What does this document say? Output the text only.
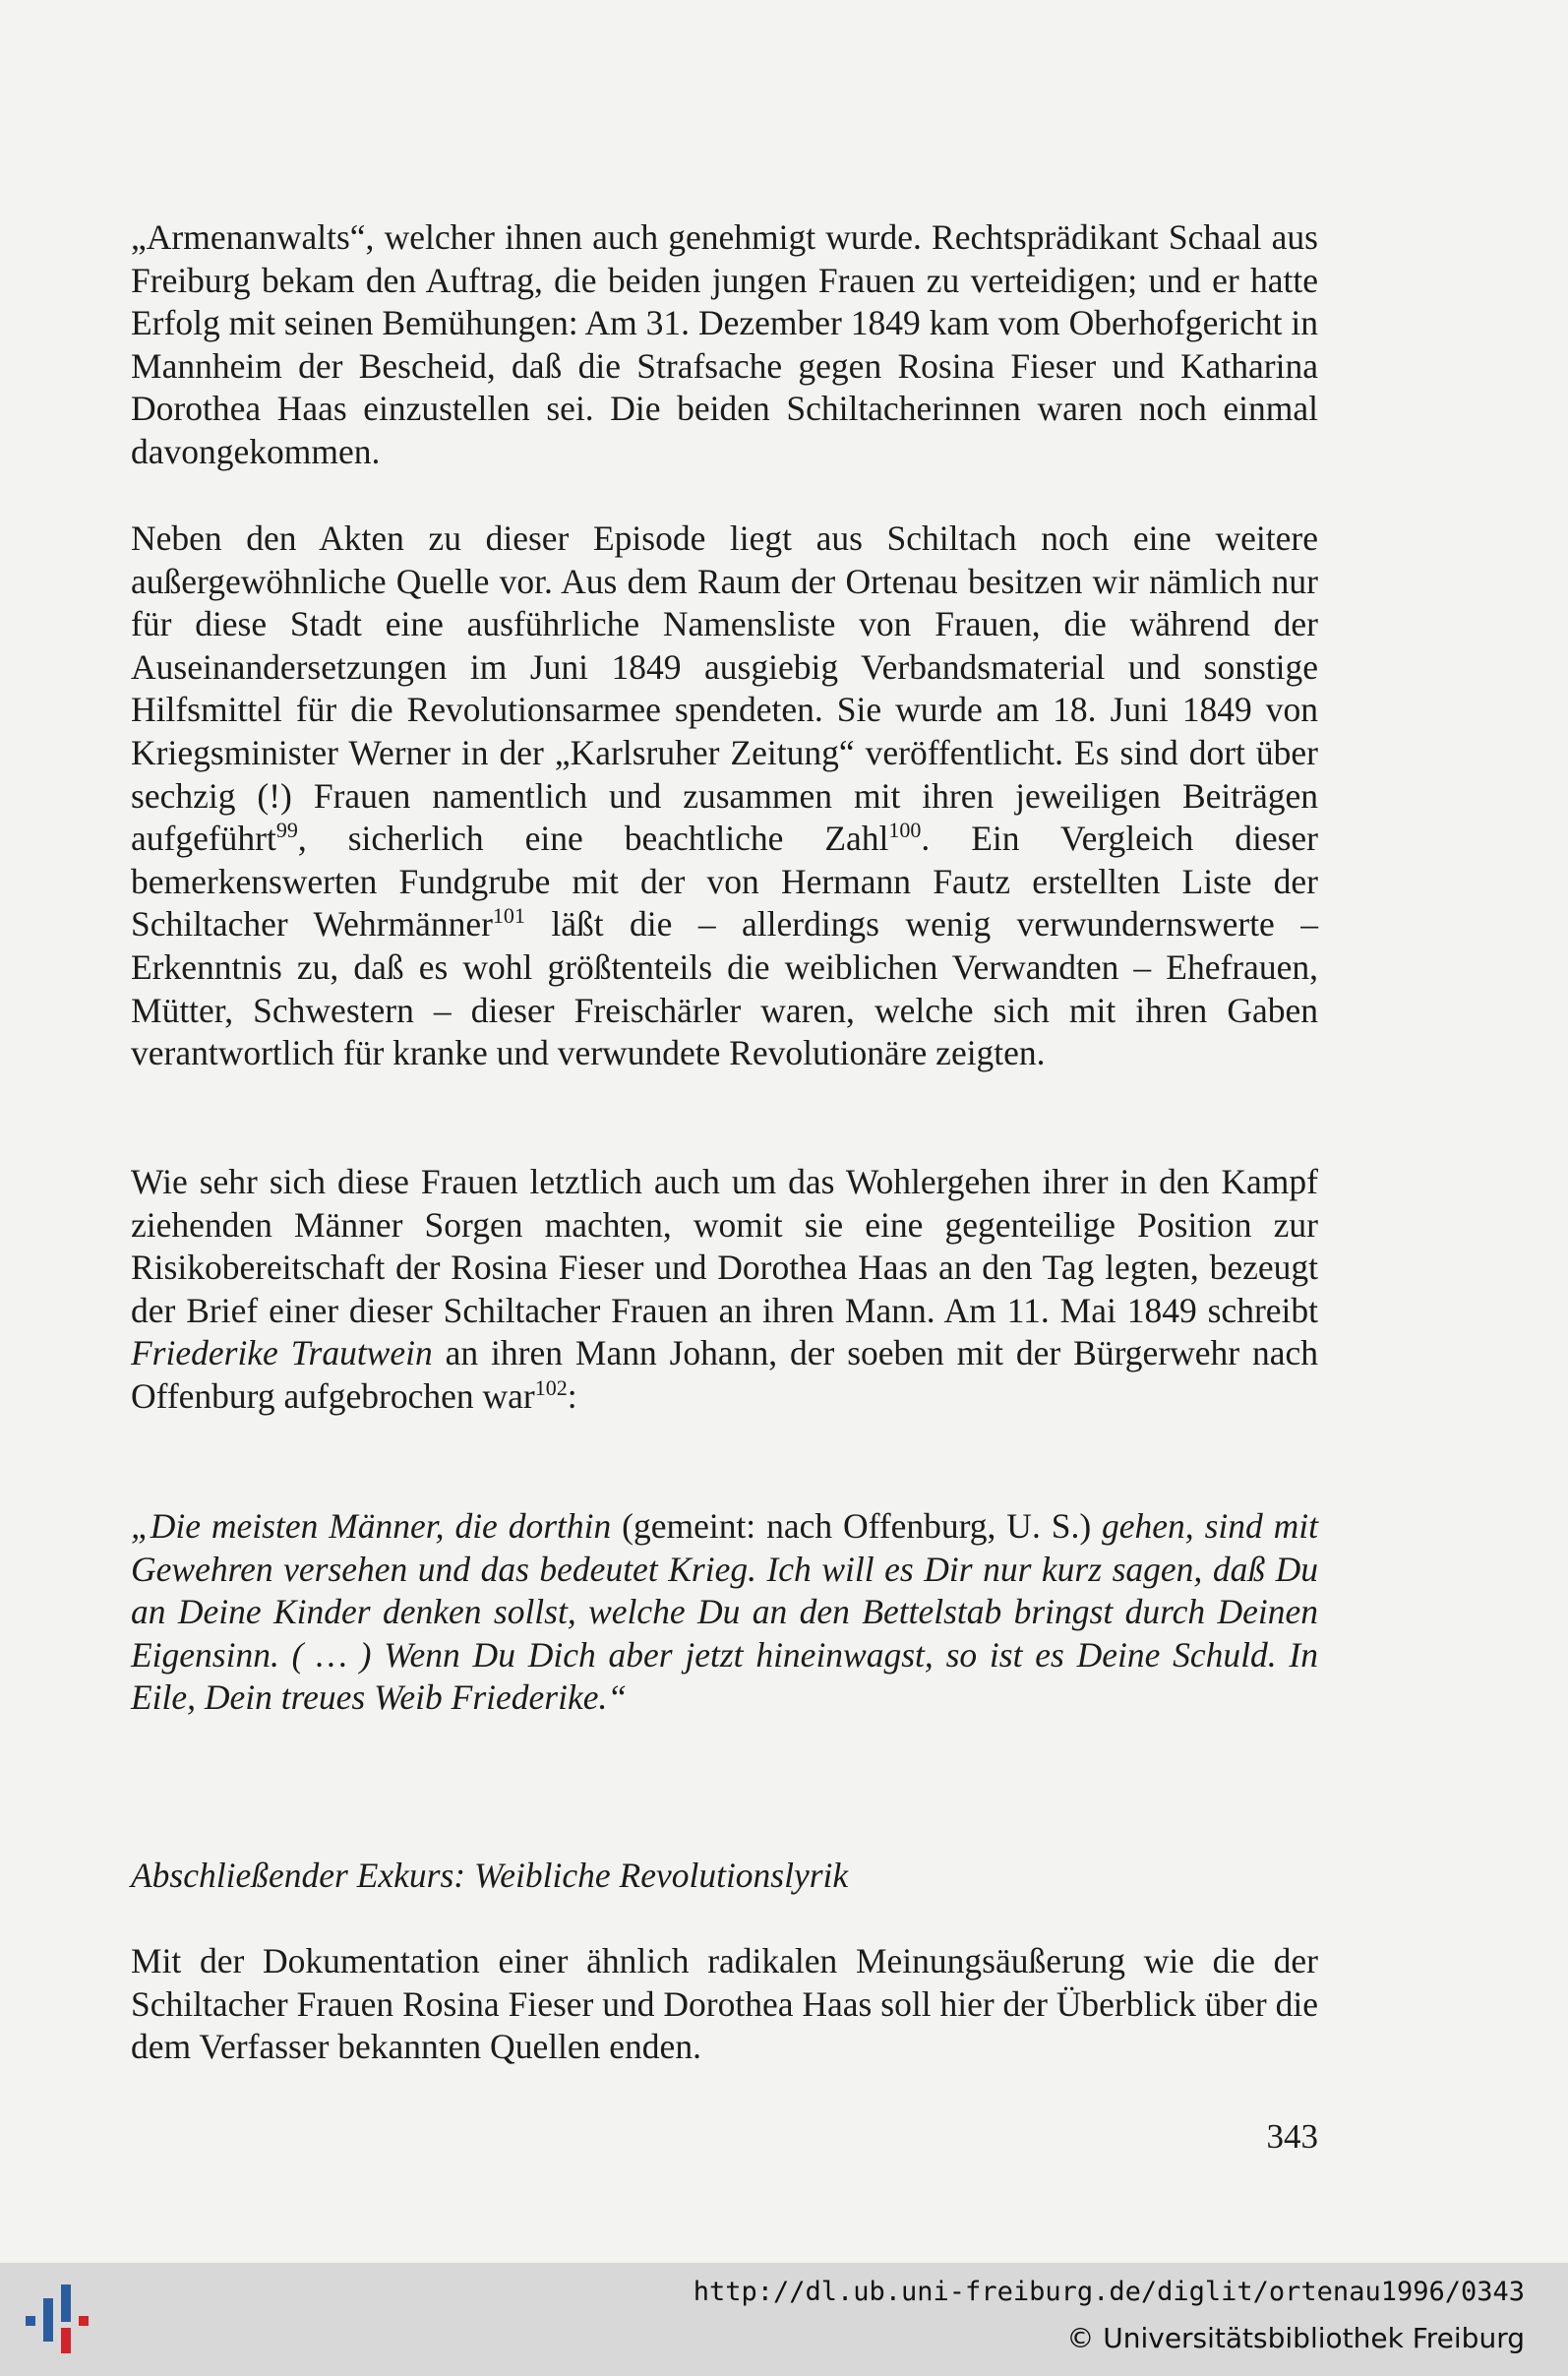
„Armenanwalts“, welcher ihnen auch genehmigt wurde. Rechtsprädikant Schaal aus Freiburg bekam den Auftrag, die beiden jungen Frauen zu verteidigen; und er hatte Erfolg mit seinen Bemühungen: Am 31. Dezember 1849 kam vom Oberhofgericht in Mannheim der Bescheid, daß die Strafsache gegen Rosina Fieser und Katharina Dorothea Haas einzustellen sei. Die beiden Schiltacherinnen waren noch einmal davongekommen.

Neben den Akten zu dieser Episode liegt aus Schiltach noch eine weitere außergewöhnliche Quelle vor. Aus dem Raum der Ortenau besitzen wir nämlich nur für diese Stadt eine ausführliche Namensliste von Frauen, die während der Auseinandersetzungen im Juni 1849 ausgiebig Verbandsmaterial und sonstige Hilfsmittel für die Revolutionsarmee spendeten. Sie wurde am 18. Juni 1849 von Kriegsminister Werner in der „Karlsruher Zeitung“ veröffentlicht. Es sind dort über sechzig (!) Frauen namentlich und zusammen mit ihren jeweiligen Beiträgen aufgeführt$^{99}$, sicherlich eine beachtliche Zahl$^{100}$. Ein Vergleich dieser bemerkenswerten Fundgrube mit der von Hermann Fautz erstellten Liste der Schiltacher Wehrmänner$^{101}$ läßt die – allerdings wenig verwundernswerte – Erkenntnis zu, daß es wohl größtenteils die weiblichen Verwandten – Ehefrauen, Mütter, Schwestern – dieser Freischärler waren, welche sich mit ihren Gaben verantwortlich für kranke und verwundete Revolutionäre zeigten.

Wie sehr sich diese Frauen letztlich auch um das Wohlergehen ihrer in den Kampf ziehenden Männer Sorgen machten, womit sie eine gegenteilige Position zur Risikobereitschaft der Rosina Fieser und Dorothea Haas an den Tag legten, bezeugt der Brief einer dieser Schiltacher Frauen an ihren Mann. Am 11. Mai 1849 schreibt Friederike Trautwein an ihren Mann Johann, der soeben mit der Bürgerwehr nach Offenburg aufgebrochen war$^{102}$:

„Die meisten Männer, die dorthin (gemeint: nach Offenburg, U. S.) gehen, sind mit Gewehren versehen und das bedeutet Krieg. Ich will es Dir nur kurz sagen, daß Du an Deine Kinder denken sollst, welche Du an den Bettelstab bringst durch Deinen Eigensinn. ( … ) Wenn Du Dich aber jetzt hineinwagst, so ist es Deine Schuld. In Eile, Dein treues Weib Friederike.“

Abschließender Exkurs: Weibliche Revolutionslyrik

Mit der Dokumentation einer ähnlich radikalen Meinungsäußerung wie die der Schiltacher Frauen Rosina Fieser und Dorothea Haas soll hier der Überblick über die dem Verfasser bekannten Quellen enden.

343
http://dl.ub.uni-freiburg.de/diglit/ortenau1996/0343
© Universitätsbibliothek Freiburg
